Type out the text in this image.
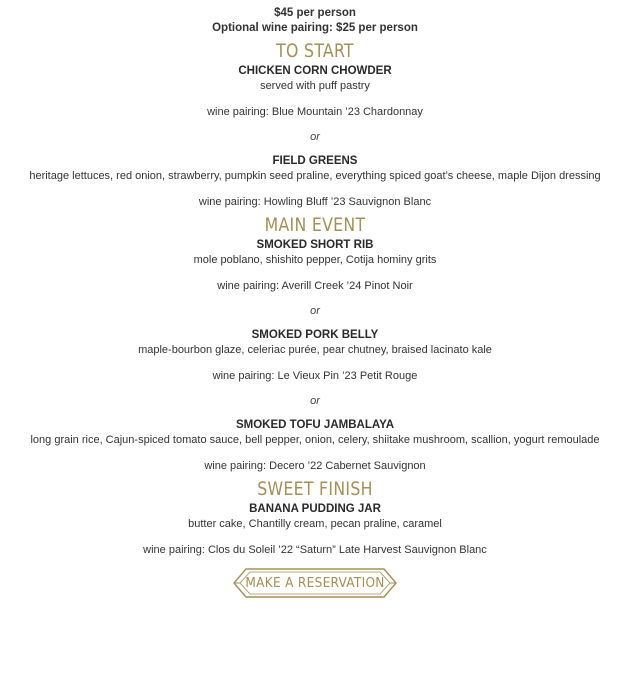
$45 per person
Optional wine pairing: $25 per person
TO START
CHICKEN CORN CHOWDER
served with puff pastry
wine pairing: Blue Mountain ’23 Chardonnay
or
FIELD GREENS
heritage lettuces, red onion, strawberry, pumpkin seed praline, everything spiced goat’s cheese, maple Dijon dressing
wine pairing: Howling Bluff ’23 Sauvignon Blanc
MAIN EVENT
SMOKED SHORT RIB
mole poblano, shishito pepper, Cotija hominy grits
wine pairing: Averill Creek ’24 Pinot Noir
or
SMOKED PORK BELLY
maple-bourbon glaze, celeriac purée, pear chutney, braised lacinato kale
wine pairing: Le Vieux Pin ’23 Petit Rouge
or
SMOKED TOFU JAMBALAYA
long grain rice, Cajun-spiced tomato sauce, bell pepper, onion, celery, shiitake mushroom, scallion, yogurt remoulade
wine pairing: Decero ’22 Cabernet Sauvignon
SWEET FINISH
BANANA PUDDING JAR
butter cake, Chantilly cream, pecan praline, caramel
wine pairing: Clos du Soleil ’22 “Saturn” Late Harvest Sauvignon Blanc
MAKE A RESERVATION
